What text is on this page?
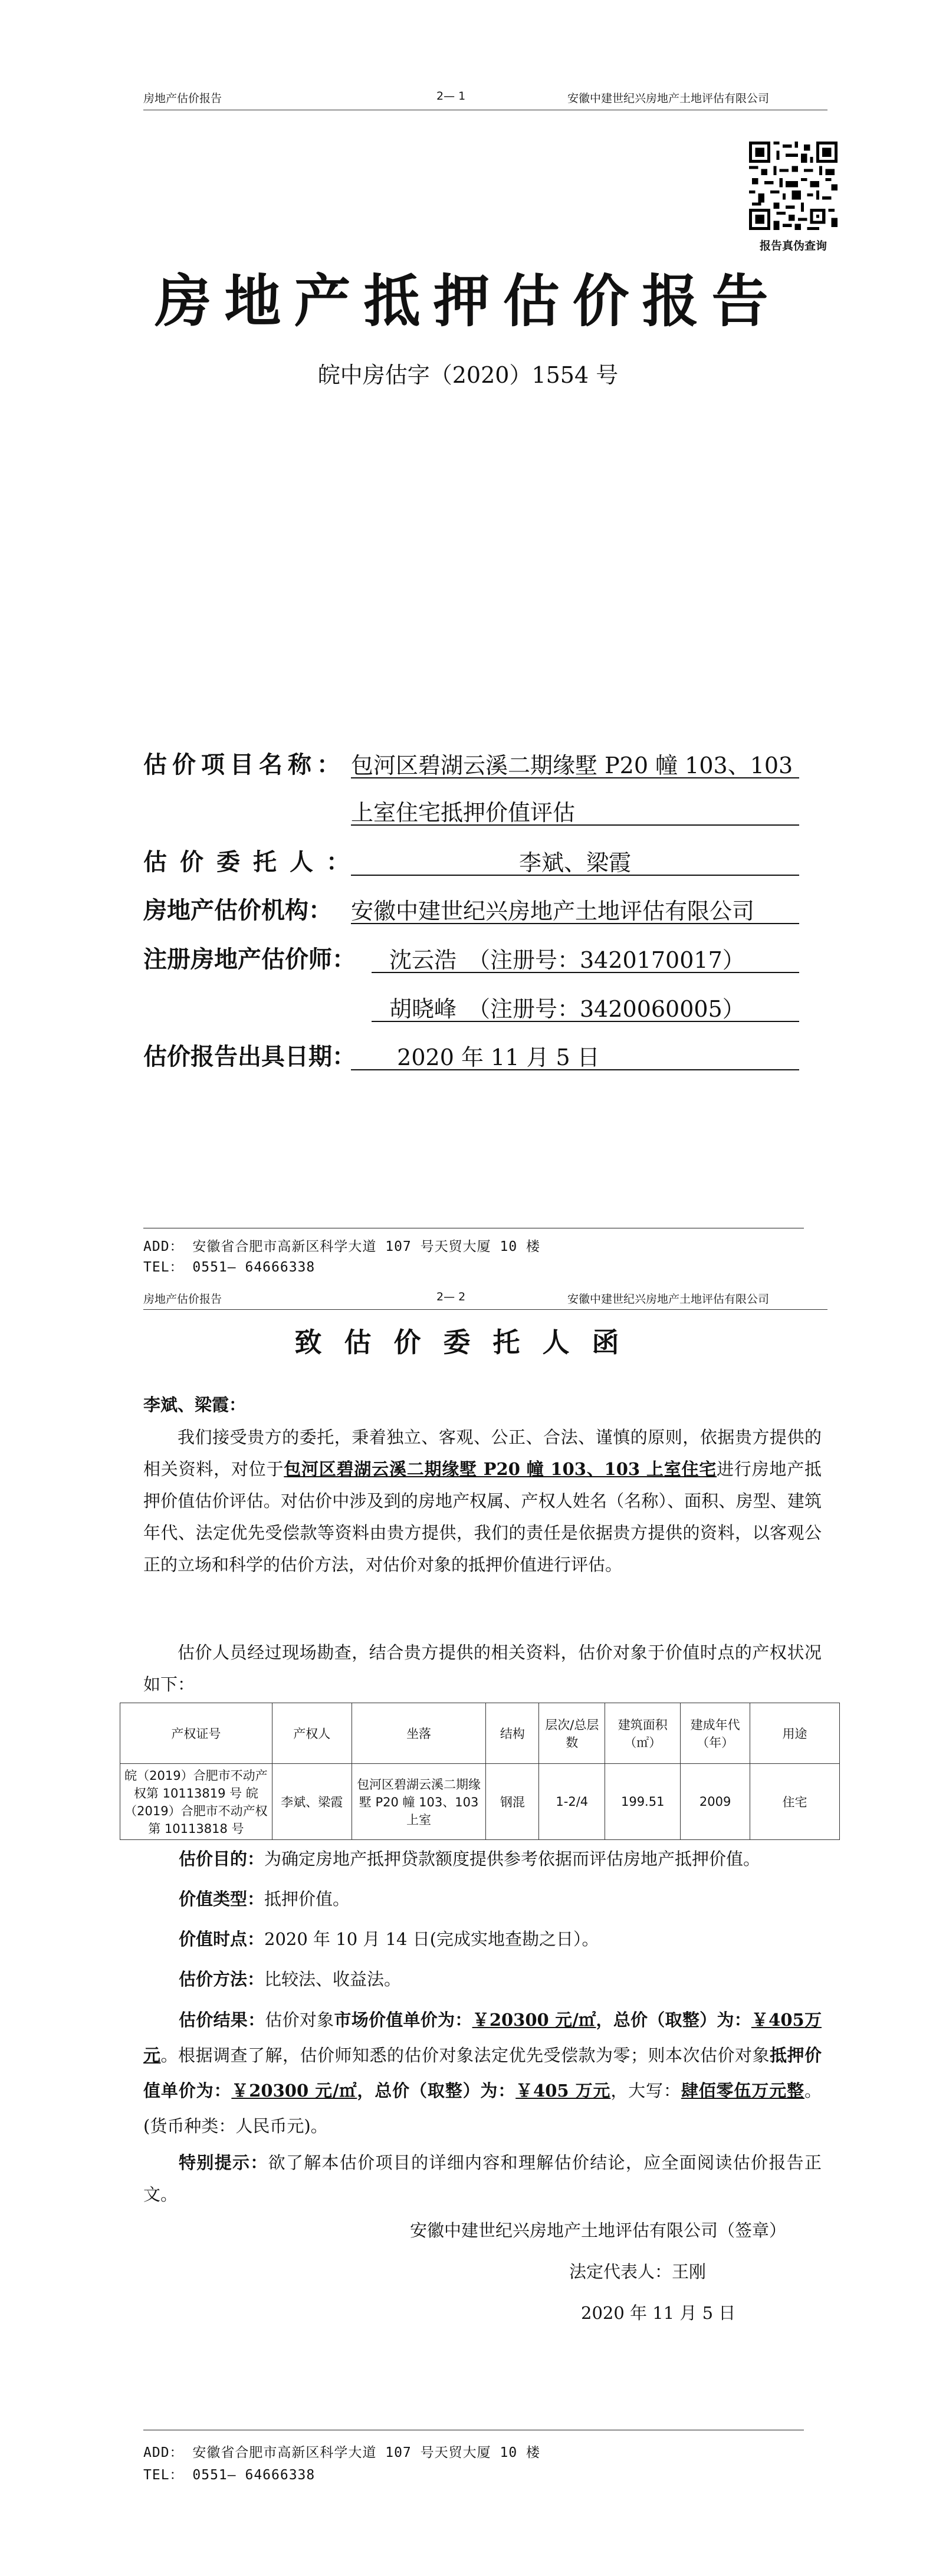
房地产估价报告	2— 1	安徽中建世纪兴房地产土地评估有限公司
报告真伪查询
房地产抵押估价报告
皖中房估字（2020）1554 号
估价项目名称： 包河区碧湖云溪二期缘墅 P20 幢 103、103
上室住宅抵押价值评估
估价委托人：	李斌、梁霞
房地产估价机构： 安徽中建世纪兴房地产土地评估有限公司
注册房地产估价师： 沈云浩　（注册号：3420170017）
胡晓峰　（注册号：3420060005）
估价报告出具日期：	2020 年 11 月 5 日
ADD： 安徽省合肥市高新区科学大道 107 号天贸大厦 10 楼
TEL： 0551— 64666338
房地产估价报告	2— 2	安徽中建世纪兴房地产土地评估有限公司
致估价委托人函
李斌、梁霞：
我们接受贵方的委托，秉着独立、客观、公正、合法、谨慎的原则，依据贵方提供的相关资料，对位于包河区碧湖云溪二期缘墅 P20 幢 103、103 上室住宅进行房地产抵押价值估价评估。对估价中涉及到的房地产权属、产权人姓名（名称）、面积、房型、建筑年代、法定优先受偿款等资料由贵方提供，我们的责任是依据贵方提供的资料，以客观公正的立场和科学的估价方法，对估价对象的抵押价值进行评估。
估价人员经过现场勘查，结合贵方提供的相关资料，估价对象于价值时点的产权状况如下：
产权证号	产权人	坐落	结构	层次/总层数	建筑面积（㎡）	建成年代（年）	用途
皖（2019）合肥市不动产权第 10113819 号 皖（2019）合肥市不动产权第 10113818 号	李斌、梁霞	包河区碧湖云溪二期缘墅 P20 幢 103、103 上室	钢混	1-2/4	199.51	2009	住宅
估价目的：为确定房地产抵押贷款额度提供参考依据而评估房地产抵押价值。
价值类型：抵押价值。
价值时点：2020 年 10 月 14 日(完成实地查勘之日）。
估价方法：比较法、收益法。
估价结果：估价对象市场价值单价为：￥20300 元/㎡，总价（取整）为：￥405万元。根据调查了解，估价师知悉的估价对象法定优先受偿款为零；则本次估价对象抵押价值单价为：￥20300 元/㎡，总价（取整）为：￥405 万元，大写：肆佰零伍万元整。(货币种类：人民币元)。
特别提示：欲了解本估价项目的详细内容和理解估价结论，应全面阅读估价报告正文。
安徽中建世纪兴房地产土地评估有限公司（签章）
法定代表人：王刚
2020 年 11 月 5 日
ADD： 安徽省合肥市高新区科学大道 107 号天贸大厦 10 楼
TEL： 0551— 64666338
